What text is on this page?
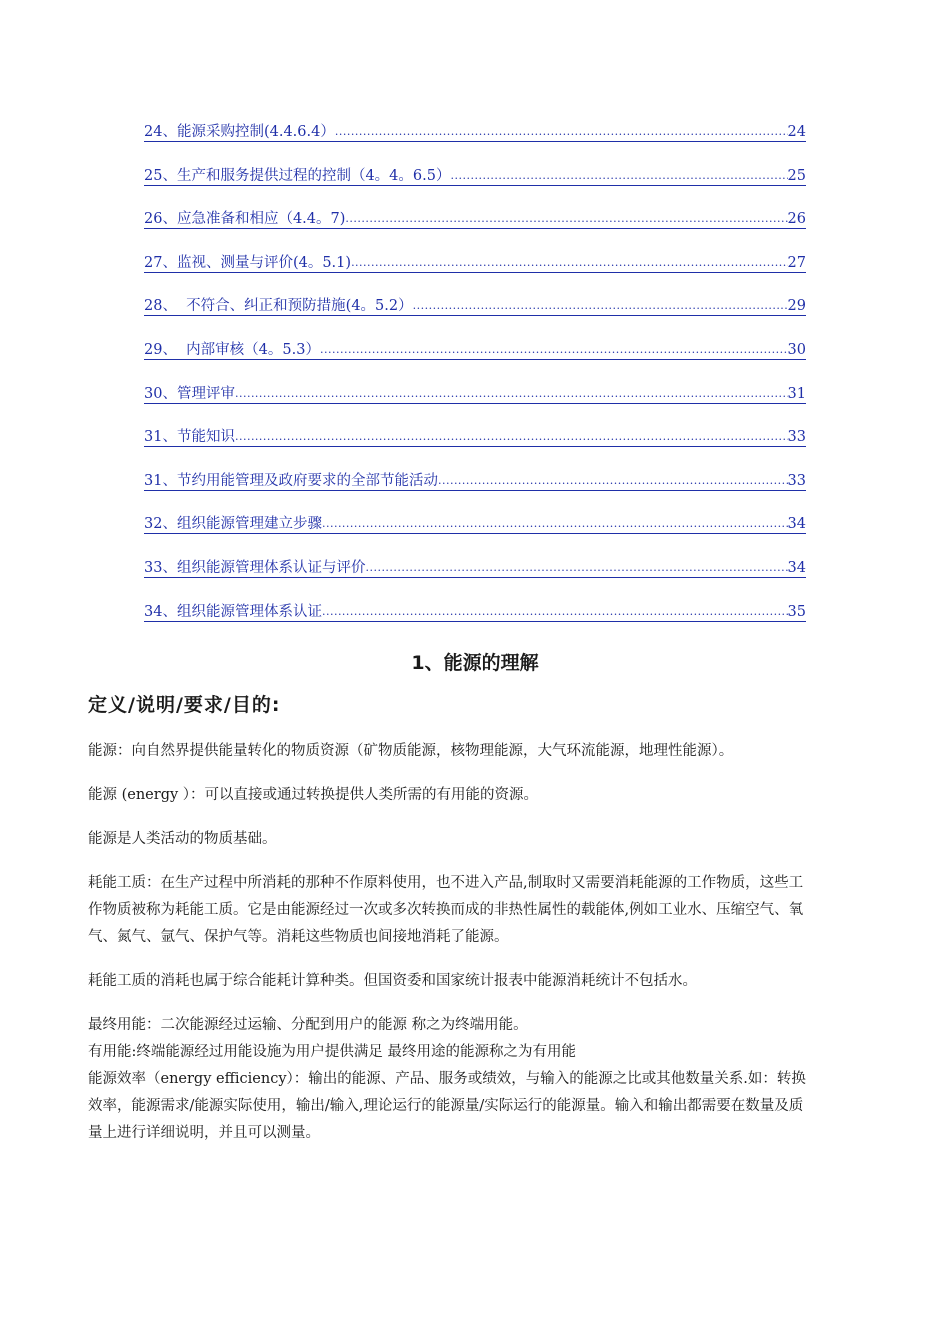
24、能源采购控制(4.4.6.4） .....	24
25、生产和服务提供过程的控制（4。4。6.5） .....	25
26、应急准备和相应（4.4。7) .....	26
27、监视、测量与评价(4。5.1) .....	27
28、  不符合、纠正和预防措施(4。5.2） .....	29
29、  内部审核（4。5.3） .....	30
30、管理评审 .....	31
31、节能知识 .....	33
31、节约用能管理及政府要求的全部节能活动 .....	33
32、组织能源管理建立步骤 .....	34
33、组织能源管理体系认证与评价 .....	34
34、组织能源管理体系认证 .....	35
1、能源的理解
定义/说明/要求/目的:

能源：向自然界提供能量转化的物质资源（矿物质能源，核物理能源，大气环流能源，地理性能源）。

能源 (energy ）：可以直接或通过转换提供人类所需的有用能的资源。

能源是人类活动的物质基础。

耗能工质：在生产过程中所消耗的那种不作原料使用，也不进入产品,制取时又需要消耗能源的工作物质，这些工作物质被称为耗能工质。它是由能源经过一次或多次转换而成的非热性属性的载能体,例如工业水、压缩空气、氧气、氮气、氩气、保护气等。消耗这些物质也间接地消耗了能源。

耗能工质的消耗也属于综合能耗计算种类。但国资委和国家统计报表中能源消耗统计不包括水。

最终用能：二次能源经过运输、分配到用户的能源 称之为终端用能。

有用能:终端能源经过用能设施为用户提供满足 最终用途的能源称之为有用能

能源效率（energy efficiency）：输出的能源、产品、服务或绩效，与输入的能源之比或其他数量关系.如：转换效率，能源需求/能源实际使用，输出/输入,理论运行的能源量/实际运行的能源量。输入和输出都需要在数量及质量上进行详细说明，并且可以测量。
